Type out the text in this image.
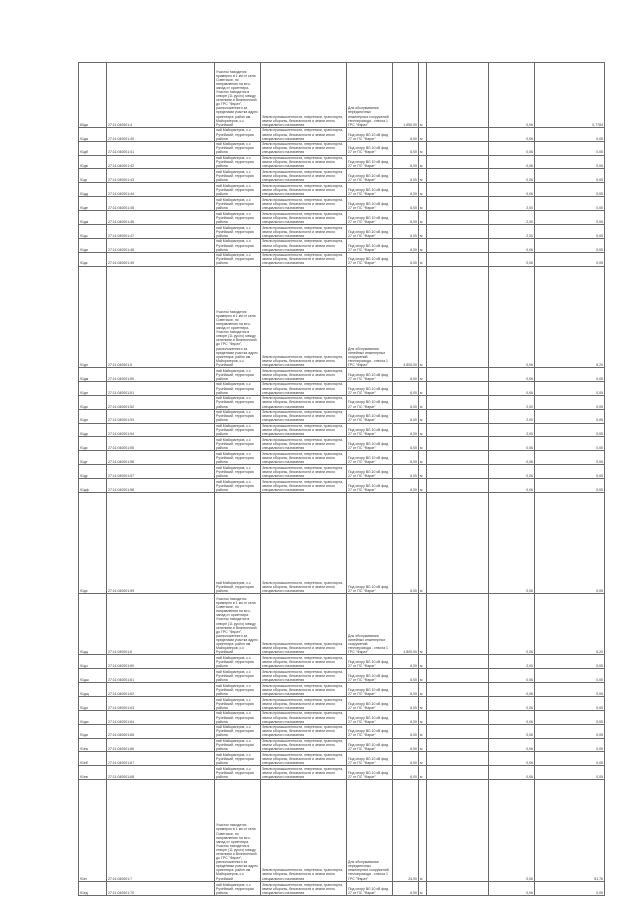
60да	27:11:040001:4	Участок находится примерно в 1 км от села Советское, по направлению на юго-запад от ориентира. Участок находится в створе (11 русло) между селением и Вознесенкой до ГРС "Фарат", расположенного за пределами участка адрес ориентира: район им. Майорагеров, с.с Ручейский	Земли промышленности, энергетики, транспорта, земли обороны, безопасности и земли иного специального назначения	Для обслуживания передаточных инженерных сооружений теплопровода - ствола 1 ГРС "Фарат"	1 650,00	м		0,06	0,7784
91да	27:11:040001:40	пай Майорагеров, с.с Ручейский, территория района	Земли промышленности, энергетики, транспорта, земли обороны, безопасности и земли иного специального назначения	Под опору ВЛ-10 кВ фид 27 от ПС "Фарат"	6,00	м		0,06	0,05
91дб	27:11:040001:41	пай Майорагеров, с.с Ручейский, территория района	Земли промышленности, энергетики, транспорта, земли обороны, безопасности и земли иного специального назначения	Под опору ВЛ-10 кВ фид 27 от ПС "Фарат"	6,00	м		0,06	0,05
91дв	27:11:040001:42	пай Майорагеров, с.с Ручейский, территория района	Земли промышленности, энергетики, транспорта, земли обороны, безопасности и земли иного специального назначения	Под опору ВЛ-10 кВ фид 27 от ПС "Фарат"	6,00	м		0,06	0,05
91дг	27:11:040001:43	пай Майорагеров, с.с Ручейский, территория района	Земли промышленности, энергетики, транспорта, земли обороны, безопасности и земли иного специального назначения	Под опору ВЛ-10 кВ фид 27 от ПС "Фарат"	6,00	м		0,06	0,05
91дд	27:11:040001:44	пай Майорагеров, с.с Ручейский, территория района	Земли промышленности, энергетики, транспорта, земли обороны, безопасности и земли иного специального назначения	Под опору ВЛ-10 кВ фид 27 от ПС "Фарат"	6,00	м		0,06	0,05
91де	27:11:040001:45	пай Майорагеров, с.с Ручейский, территория района	Земли промышленности, энергетики, транспорта, земли обороны, безопасности и земли иного специального назначения	Под опору ВЛ-10 кВ фид 27 от ПС "Фарат"	6,00	м		2,00	0,05
91дж	27:11:040001:46	пай Майорагеров, с.с Ручейский, территория района	Земли промышленности, энергетики, транспорта, земли обороны, безопасности и земли иного специального назначения	Под опору ВЛ-10 кВ фид 27 от ПС "Фарат"	6,00	м		2,00	0,05
91дз	27:11:040001:47	пай Майорагеров, с.с Ручейский, территория района	Земли промышленности, энергетики, транспорта, земли обороны, безопасности и земли иного специального назначения	Под опору ВЛ-10 кВ фид 27 от ПС "Фарат"	6,00	м		2,00	0,05
91ди	27:11:040001:48	пай Майорагеров, с.с Ручейский, территория района	Земли промышленности, энергетики, транспорта, земли обороны, безопасности и земли иного специального назначения	Под опору ВЛ-10 кВ фид 27 от ПС "Фарат"	6,00	м		0,06	0,05
91дк	27:11:040001:49	пай Майорагеров, с.с Ручейский, территория района	Земли промышленности, энергетики, транспорта, земли обороны, безопасности и земли иного специального назначения	Под опору ВЛ-10 кВ фид 27 от ПС "Фарат"	6,00	м		0,06	0,05
91дл	27:11:040001:5	Участок находится примерно в 1 км от села Советское, по направлению на юго-запад от ориентира. Участок находится в створе (11 русло) между селением и Вознесенкой до ГРС "Фарат", расположенного за пределами участка адрес ориентира: район им. Майорагеров, с.с Ручейский	Земли промышленности, энергетики, транспорта, земли обороны, безопасности и земли иного специального назначения	Для обслуживания линейных инженерных сооружений теплопровода - ствола 1 ГРС "Фарат"	4 800,00	м		0,06	5,20
91дм	27:11:040001:50	пай Майорагеров, с.с Ручейский, территория района	Земли промышленности, энергетики, транспорта, земли обороны, безопасности и земли иного специального назначения	Под опору ВЛ-10 кВ фид 27 от ПС "Фарат"	6,00	м		0,06	0,05
91дн	27:11:040001:51	пай Майорагеров, с.с Ручейский, территория района	Земли промышленности, энергетики, транспорта, земли обороны, безопасности и земли иного специального назначения	Под опору ВЛ-10 кВ фид 27 от ПС "Фарат"	6,00	м		0,06	0,05
91до	27:11:040001:52	пай Майорагеров, с.с Ручейский, территория района	Земли промышленности, энергетики, транспорта, земли обороны, безопасности и земли иного специального назначения	Под опору ВЛ-10 кВ фид 27 от ПС "Фарат"	6,00	м		2,00	0,05
91дп	27:11:040001:53	пай Майорагеров, с.с Ручейский, территория района	Земли промышленности, энергетики, транспорта, земли обороны, безопасности и земли иного специального назначения	Под опору ВЛ-10 кВ фид 27 от ПС "Фарат"	6,00	м		2,00	0,05
91др	27:11:040001:54	пай Майорагеров, с.с Ручейский, территория района	Земли промышленности, энергетики, транспорта, земли обороны, безопасности и земли иного специального назначения	Под опору ВЛ-10 кВ фид 27 от ПС "Фарат"	6,00	м		2,00	0,05
91дс	27:11:040001:55	пай Майорагеров, с.с Ручейский, территория района	Земли промышленности, энергетики, транспорта, земли обороны, безопасности и земли иного специального назначения	Под опору ВЛ-10 кВ фид 27 от ПС "Фарат"	6,00	м		0,06	0,05
91дт	27:11:040001:56	пай Майорагеров, с.с Ручейский, территория района	Земли промышленности, энергетики, транспорта, земли обороны, безопасности и земли иного специального назначения	Под опору ВЛ-10 кВ фид 27 от ПС "Фарат"	6,00	м		0,06	0,05
91ду	27:11:040001:57	пай Майорагеров, с.с Ручейский, территория района	Земли промышленности, энергетики, транспорта, земли обороны, безопасности и земли иного специального назначения	Под опору ВЛ-10 кВ фид 27 от ПС "Фарат"	6,00	м		0,06	0,05
91дф	27:11:040001:58	пай Майорагеров, с.с Ручейский, территория района	Земли промышленности, энергетики, транспорта, земли обороны, безопасности и земли иного специального назначения	Под опору ВЛ-10 кВ фид 27 от ПС "Фарат"	6,00	м		0,06	0,05
91дх	27:11:040001:59	пай Майорагеров, с.с Ручейский, территория района	Земли промышленности, энергетики, транспорта, земли обороны, безопасности и земли иного специального назначения	Под опору ВЛ-10 кВ фид 27 от ПС "Фарат"	6,00	м		0,06	0,05
91дц	27:11:040001:6	Участок находится примерно в 1 км от села Советское, по направлению на юго-запад от ориентира. Участок находится в створе (11 русло) между селением и Вознесенкой до ГРС "Фарат", расположенного за пределами участка адрес ориентира: район им. Майорагеров, с.с Ручейский	Земли промышленности, энергетики, транспорта, земли обороны, безопасности и земли иного специального назначения	Для обслуживания линейных инженерных сооружений теплопровода - ствола 1 ГРС "Фарат"	4 800,00	м		0,06	5,20
91дч	27:11:040001:60	пай Майорагеров, с.с Ручейский, территория района	Земли промышленности, энергетики, транспорта, земли обороны, безопасности и земли иного специального назначения	Под опору ВЛ-10 кВ фид 27 от ПС "Фарат"	6,00	м		2,00	0,05
91дш	27:11:040001:61	пай Майорагеров, с.с Ручейский, территория района	Земли промышленности, энергетики, транспорта, земли обороны, безопасности и земли иного специального назначения	Под опору ВЛ-10 кВ фид 27 от ПС "Фарат"	6,00	м		0,06	0,05
91дщ	27:11:040001:62	пай Майорагеров, с.с Ручейский, территория района	Земли промышленности, энергетики, транспорта, земли обороны, безопасности и земли иного специального назначения	Под опору ВЛ-10 кВ фид 27 от ПС "Фарат"	6,00	м		0,06	0,05
91дэ	27:11:040001:63	пай Майорагеров, с.с Ручейский, территория района	Земли промышленности, энергетики, транспорта, земли обороны, безопасности и земли иного специального назначения	Под опору ВЛ-10 кВ фид 27 от ПС "Фарат"	6,00	м		0,06	0,05
91дю	27:11:040001:64	пай Майорагеров, с.с Ручейский, территория района	Земли промышленности, энергетики, транспорта, земли обороны, безопасности и земли иного специального назначения	Под опору ВЛ-10 кВ фид 27 от ПС "Фарат"	6,00	м		0,06	0,05
91дя	27:11:040001:65	пай Майорагеров, с.с Ручейский, территория района	Земли промышленности, энергетики, транспорта, земли обороны, безопасности и земли иного специального назначения	Под опору ВЛ-10 кВ фид 27 от ПС "Фарат"	6,00	м		0,06	0,05
91еа	27:11:040001:66	пай Майорагеров, с.с Ручейский, территория района	Земли промышленности, энергетики, транспорта, земли обороны, безопасности и земли иного специального назначения	Под опору ВЛ-10 кВ фид 27 от ПС "Фарат"	6,00	м		0,06	0,05
91еб	27:11:040001:67	пай Майорагеров, с.с Ручейский, территория района	Земли промышленности, энергетики, транспорта, земли обороны, безопасности и земли иного специального назначения	Под опору ВЛ-10 кВ фид 27 от ПС "Фарат"	6,00	м		0,06	0,05
91ев	27:11:040001:68	пай Майорагеров, с.с Ручейский, территория района	Земли промышленности, энергетики, транспорта, земли обороны, безопасности и земли иного специального назначения	Под опору ВЛ-10 кВ фид 27 от ПС "Фарат"	6,00	м		0,06	0,05
91ег	27:11:040001:7	Участок находится примерно в 1 км от села Советское, по направлению на юго-запад от ориентира. Участок находится в створе (11 русло) между селением и Вознесенкой до ГРС "Фарат", расположенного за пределами участка адрес ориентира: район им. Майорагеров, с.с Ручейский	Земли промышленности, энергетики, транспорта, земли обороны, безопасности и земли иного специального назначения	Для обслуживания передаточных инженерных сооружений теплопровода - ствола 1 ГРС "Фарат"	24,00	м		0,06	51,76
91ед	27:11:040001:70	пай Майорагеров, с.с Ручейский, территория района	Земли промышленности, энергетики, транспорта, земли обороны, безопасности и земли иного специального назначения	Под опору ВЛ-10 кВ фид 27 от ПС "Фарат"	6,00	м		0,06	0,05
